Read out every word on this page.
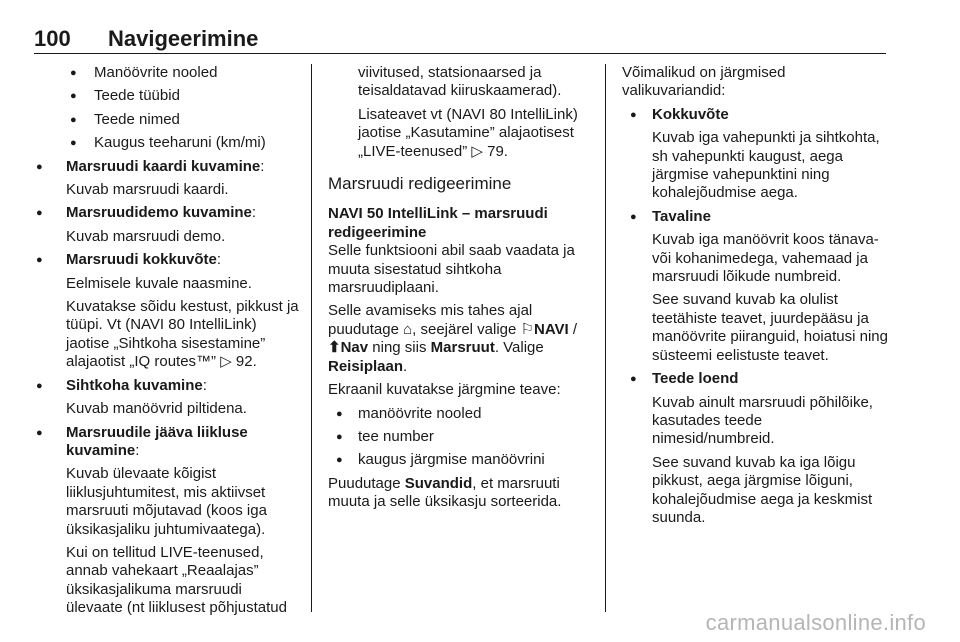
100 Navigeerimine
● Manöövrite nooled
● Teede tüübid
● Teede nimed
● Kaugus teeharuni (km/mi)
● Marsruudi kaardi kuvamine:

Kuvab marsruudi kaardi.

● Marsruudidemo kuvamine:

Kuvab marsruudi demo.

● Marsruudi kokkuvõte:

Eelmisele kuvale naasmine.

Kuvatakse sõidu kestust, pikkust ja tüüpi. Vt (NAVI 80 IntelliLink) jaotise „Sihtkoha sisestamine” alajaotist „IQ routes™” ▷ 92.

● Sihtkoha kuvamine:

Kuvab manöövrid piltidena.

● Marsruudile jääva liikluse kuvamine:

Kuvab ülevaate kõigist liiklusjuhtumitest, mis aktiivset marsruuti mõjutavad (koos iga üksikasjaliku juhtumivaatega).

Kui on tellitud LIVE-teenused, annab vahekaart „Reaalajas” üksikasjalikuma marsruudi ülevaate (nt liiklusest põhjustatud

viivitused, statsionaarsed ja teisaldatavad kiiruskaamerad).

Lisateavet vt (NAVI 80 IntelliLink) jaotise „Kasutamine” alajaotisest „LIVE-teenused” ▷ 79.

Marsruudi redigeerimine
NAVI 50 IntelliLink – marsruudi redigeerimine

Selle funktsiooni abil saab vaadata ja muuta sisestatud sihtkoha marsruudiplaani.

Selle avamiseks mis tahes ajal puudutage ⌂, seejärel valige ⚐NAVI / ⬆Nav ning siis Marsruut. Valige Reisiplaan.

Ekraanil kuvatakse järgmine teave:

● manöövrite nooled
● tee number
● kaugus järgmise manöövrini

Puudutage Suvandid, et marsruuti muuta ja selle üksikasju sorteerida.

Võimalikud on järgmised valikuvariandid:

● Kokkuvõte

Kuvab iga vahepunkti ja sihtkohta, sh vahepunkti kaugust, aega järgmise vahepunktini ning kohalejõudmise aega.

● Tavaline

Kuvab iga manöövrit koos tänava- või kohanimedega, vahemaad ja marsruudi lõikude numbreid.

See suvand kuvab ka olulist teetähiste teavet, juurdepääsu ja manöövrite piiranguid, hoiatusi ning süsteemi eelistuste teavet.

● Teede loend

Kuvab ainult marsruudi põhilõike, kasutades teede nimesid/numbreid.

See suvand kuvab ka iga lõigu pikkust, aega järgmise lõiguni, kohalejõudmise aega ja keskmist suunda.

carmanualsonline.info
